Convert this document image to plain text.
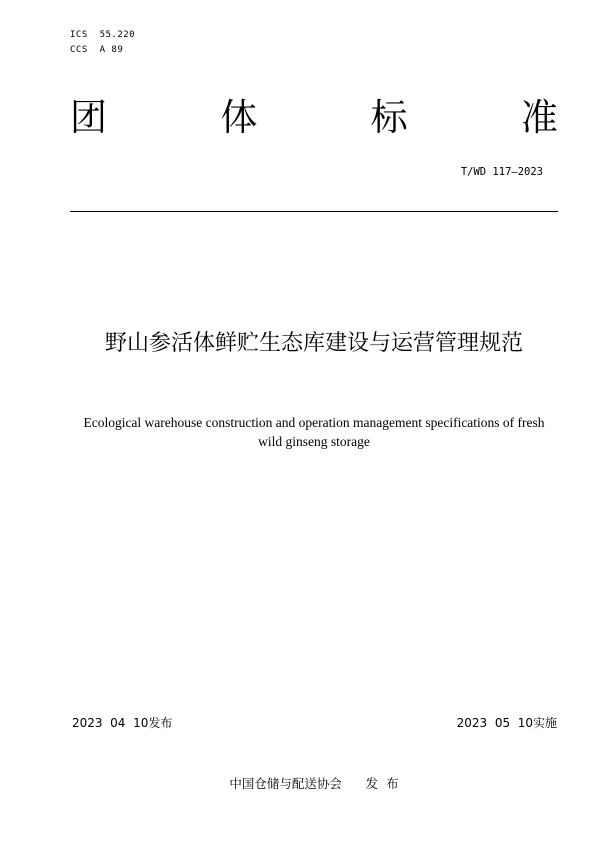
ICS  55.220
CCS  A 89
团	体	标	准
T/WD 117—2023
野山参活体鲜贮生态库建设与运营管理规范
Ecological warehouse construction and operation management specifications of fresh
wild ginseng storage
2023  04  10发布	2023  05  10实施
中国仓储与配送协会      发  布
